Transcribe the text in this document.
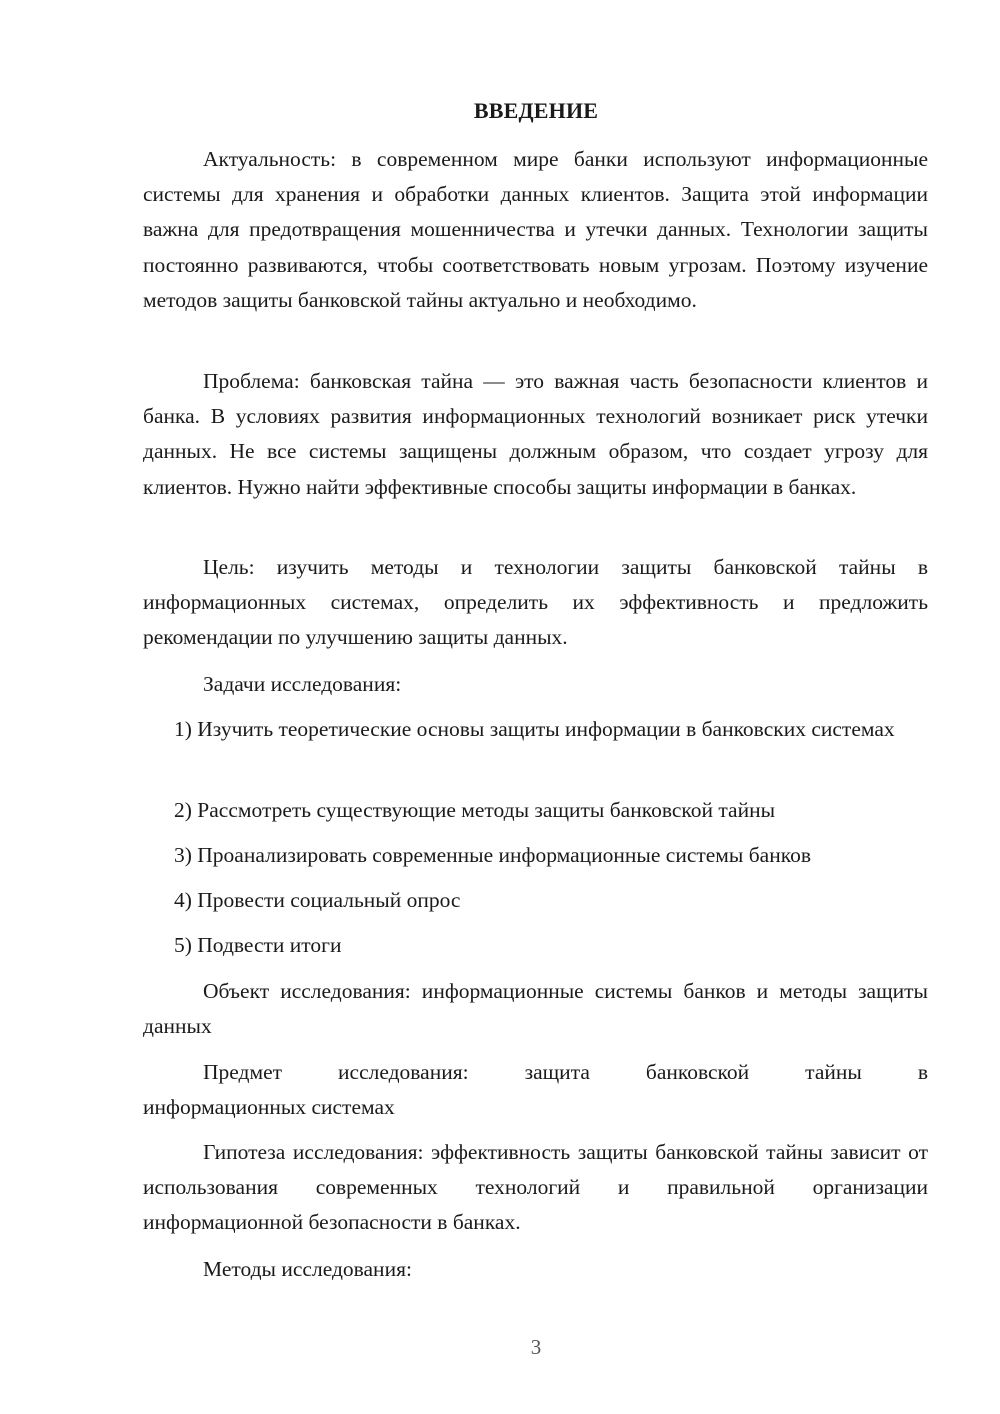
ВВЕДЕНИЕ

Актуальность: в современном мире банки используют информационные системы для хранения и обработки данных клиентов. Защита этой информации важна для предотвращения мошенничества и утечки данных. Технологии защиты постоянно развиваются, чтобы соответствовать новым угрозам. Поэтому изучение методов защиты банковской тайны актуально и необходимо.

Проблема: банковская тайна — это важная часть безопасности клиентов и банка. В условиях развития информационных технологий возникает риск утечки данных. Не все системы защищены должным образом, что создает угрозу для клиентов. Нужно найти эффективные способы защиты информации в банках.

Цель: изучить методы и технологии защиты банковской тайны в информационных системах, определить их эффективность и предложить рекомендации по улучшению защиты данных.

Задачи исследования:

1) Изучить теоретические основы защиты информации в банковских системах

2) Рассмотреть существующие методы защиты банковской тайны

3) Проанализировать современные информационные системы банков

4) Провести социальный опрос

5) Подвести итоги

Объект исследования: информационные системы банков и методы защиты данных

Предмет исследования: защита банковской тайны в
информационных системах

Гипотеза исследования: эффективность защиты банковской тайны зависит от использования современных технологий и правильной организации информационной безопасности в банках.

Методы исследования:

3
